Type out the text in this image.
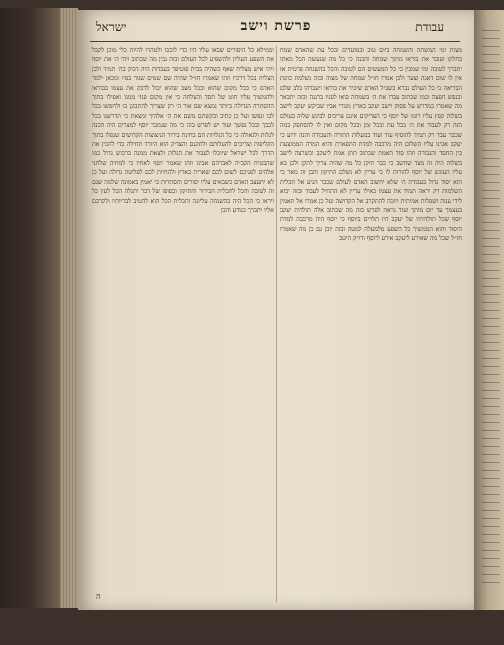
ישראל	פרשת וישב	עבודת

מצות ימי המשתה והשמחה ביום טוב ובמועדים ובכל עת שהאדם שמח בחלקו ועובד את בוראו מתוך שמחה והבנה כי כל מה שנעשה הכל מאתו יתברך לטובה ומי שמבין כי כל המעשים הם לטובה והכל בהשגחה פרטית אז אין לו שום דאגה וצער ולכן אמרו חז״ל שמחה של מצוה ובזה נשלמת כוונת הבריאה כי כל העולם נברא בשביל האדם שיכיר את בוראו ויעבדהו בלב שלם ובנפש חפצה וכמו שכתוב עבדו את ה׳ בשמחה בואו לפניו ברננה ובזה יתבאר מה שאמרו במדרש על פסוק וישב יעקב בארץ מגורי אביו שביקש יעקב לישב בשלוה קפץ עליו רוגזו של יוסף כי הצדיקים אינם צריכים לבקש שלוה בעולם הזה רק לעבוד את ה׳ בכל עת ובכל זמן ובכל מקום ואין לו להסתפק במה שכבר עבד רק תמיד להוסיף עוד ועוד במעלות התורה והעבודה והנה ידוע כי יעקב אבינו עליו השלום היה מרכבה למדת התפארת והיא המדה הממוצעת בין החסד והגבורה וזהו סוד האמת שכתוב תתן אמת ליעקב וכשרצה לישב בשלוה היה זה מצד שחשב כי כבר תיקן כל מה שהיה צריך לתקן ולכן בא עליו העונש של יוסף להורות לו כי עדיין לא נשלם התיקון והבן זה מאד כי הוא יסוד גדול בעבודת ה׳ שלא יחשוב האדם לעולם שכבר הגיע אל תכלית השלמות רק יראה תמיד את עצמו כאילו עדיין לא התחיל לעבוד ובזה יבוא לידי ענוה ושפלות אמיתית ויזכה להתקרב אל הקדושה ועל כן אמרו אל תאמין בעצמך עד יום מותך ועוד נראה לפרש בזה מה שכתוב אלה תולדות יעקב יוסף שכל תולדותיו של יעקב היו תלויים ביוסף כי יוסף היה מרכבה למדת היסוד והוא הממשיך כל השפע מלמעלה למטה ובזה יובן גם כן מה שאמרו חז״ל שכל מה שאירע ליעקב אירע ליוסף ודו״ק היטב

וממילא כל היסורים שבאו עליו היו כדי לזככו ולטהרו להיות כלי מוכן לקבל את השפע העליון ולהשפיע לכל העולם ובזה נבין מה שכתוב ויהי ה׳ את יוסף ויהי איש מצליח שאף כשהיה בבית פוטיפר בעבדות היה דבוק בה׳ תמיד ולכן הצליח בכל דרכיו וזהו שאמרו חז״ל שהיה שם שמים שגור בפיו ומכאן ילמד האדם כי בכל מקום שהוא ובכל מצב שהוא יכול לדבק את עצמו בבוראו ולהמשיך עליו חוט של חסד והצלחה כי אין מקום פנוי ממנו ואפילו בתוך ההסתרה הגדולה ביותר נמצא שם אור ה׳ רק שצריך להתבונן בו ולחפשו בכל לבו ונפשו ועל כן כתיב ובקשתם משם את ה׳ אלהיך ומצאת כי תדרשנו בכל לבבך ובכל נפשך ועוד יש לפרש בזה כי מה שנמכר יוסף למצרים היה הכנה לגלות ולגאולה כי כל הגלויות הם בחינת בירור הניצוצות הקדושים שנפלו בתוך הקליפות וצריכים להעלותם ולתקנם והצדיק הוא היורד תחילה כדי להכין את הדרך לכל ישראל שיוכלו לעבור את הגלות ולצאת ממנה ברכוש גדול כמו שהבטיח הקב״ה לאברהם אבינו וזהו שאמר יוסף לאחיו כי למחיה שלחני אלהים לפניכם לשום לכם שארית בארץ ולהחיות לכם לפליטה גדולה ועל כן לא יתעצב האדם כשבאים עליו יסורים והסתרות כי יאמין באמונה שלמה שגם זה לטובה והכל לתכלית הבירור והתיקון ובסופו של דבר יתגלה הכל לעין כל ויראו כי הכל היה בהשגחה עליונה ותכלית הכל הוא להטיב לבריותיו ולקרבם אליו יתברך כנודע והבן

ה
